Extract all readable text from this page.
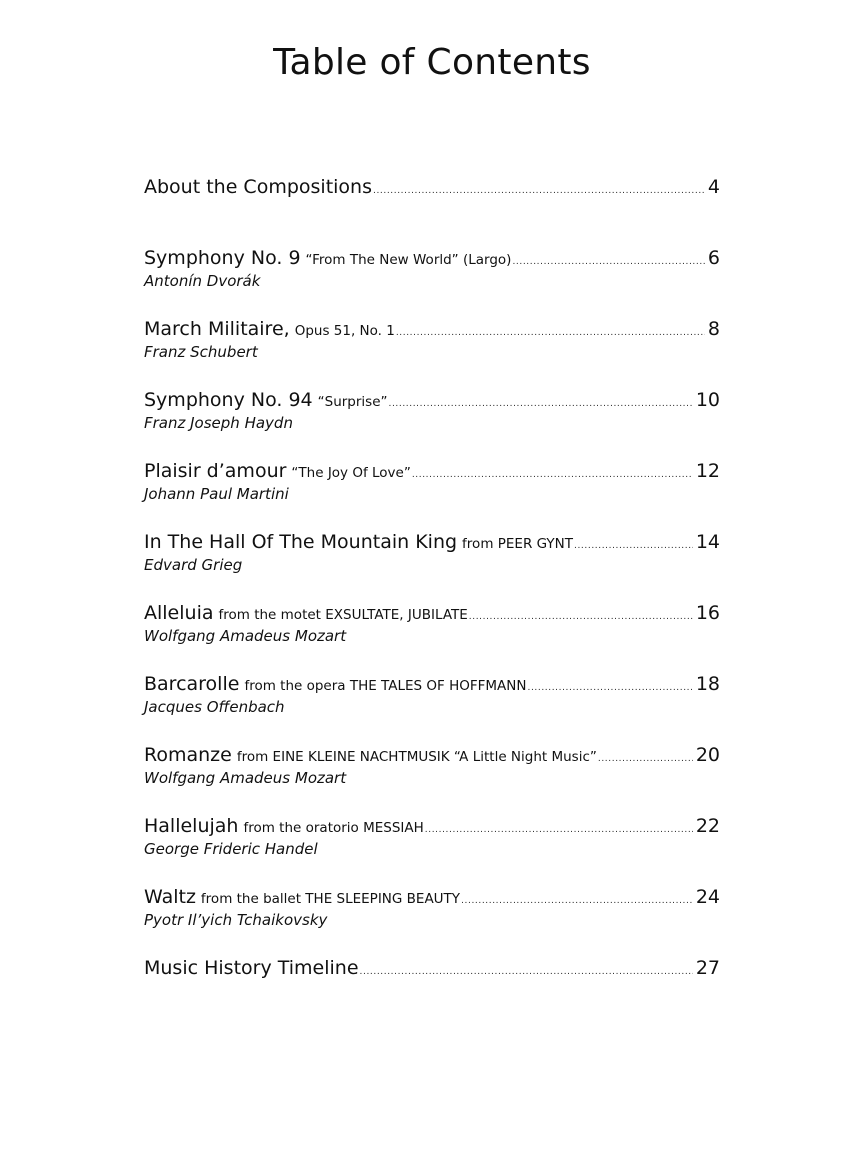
Table of Contents
About the Compositions .....	4
Symphony No. 9 “From The New World” (Largo) .....	6
Antonín Dvorák
March Militaire, Opus 51, No. 1 .....	8
Franz Schubert
Symphony No. 94 “Surprise” .....	10
Franz Joseph Haydn
Plaisir d’amour “The Joy Of Love” .....	12
Johann Paul Martini
In The Hall Of The Mountain King from PEER GYNT .....	14
Edvard Grieg
Alleluia from the motet EXSULTATE, JUBILATE .....	16
Wolfgang Amadeus Mozart
Barcarolle from the opera THE TALES OF HOFFMANN .....	18
Jacques Offenbach
Romanze from EINE KLEINE NACHTMUSIK “A Little Night Music” .....	20
Wolfgang Amadeus Mozart
Hallelujah from the oratorio MESSIAH .....	22
George Frideric Handel
Waltz from the ballet THE SLEEPING BEAUTY .....	24
Pyotr Il’yich Tchaikovsky
Music History Timeline .....	27
